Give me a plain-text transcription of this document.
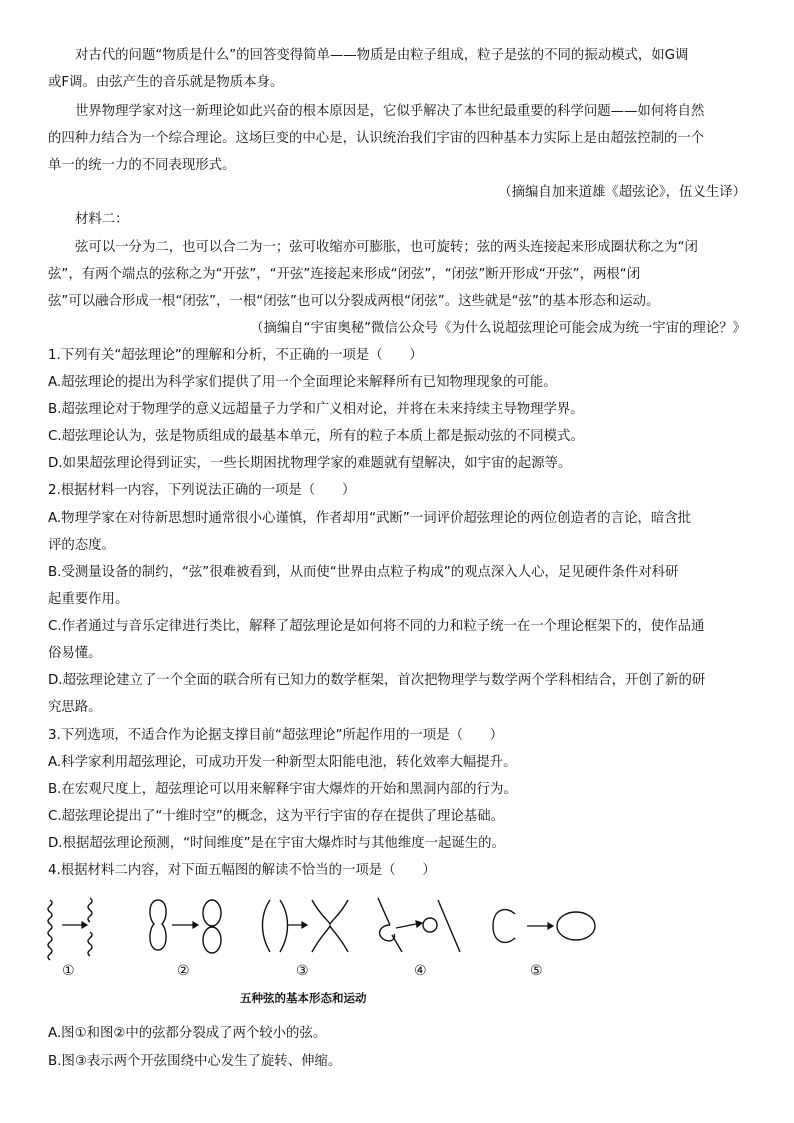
对古代的问题“物质是什么”的回答变得简单——物质是由粒子组成，粒子是弦的不同的振动模式，如G调
或F调。由弦产生的音乐就是物质本身。
世界物理学家对这一新理论如此兴奋的根本原因是，它似乎解决了本世纪最重要的科学问题——如何将自然
的四种力结合为一个综合理论。这场巨变的中心是，认识统治我们宇宙的四种基本力实际上是由超弦控制的一个
单一的统一力的不同表现形式。
（摘编自加来道雄《超弦论》，伍义生译）
材料二：
弦可以一分为二，也可以合二为一；弦可收缩亦可膨胀，也可旋转；弦的两头连接起来形成圈状称之为“闭
弦”，有两个端点的弦称之为“开弦”，“开弦”连接起来形成“闭弦”，“闭弦”断开形成“开弦”，两根“闭
弦”可以融合形成一根“闭弦”，一根“闭弦”也可以分裂成两根“闭弦”。这些就是“弦”的基本形态和运动。
（摘编自“宇宙奥秘”微信公众号《为什么说超弦理论可能会成为统一宇宙的理论？》
1.下列有关“超弦理论”的理解和分析，不正确的一项是（　　）
A.超弦理论的提出为科学家们提供了用一个全面理论来解释所有已知物理现象的可能。
B.超弦理论对于物理学的意义远超量子力学和广义相对论，并将在未来持续主导物理学界。
C.超弦理论认为，弦是物质组成的最基本单元，所有的粒子本质上都是振动弦的不同模式。
D.如果超弦理论得到证实，一些长期困扰物理学家的难题就有望解决，如宇宙的起源等。
2.根据材料一内容，下列说法正确的一项是（　　）
A.物理学家在对待新思想时通常很小心谨慎，作者却用“武断”一词评价超弦理论的两位创造者的言论，暗含批
评的态度。
B.受测量设备的制约，“弦”很难被看到，从而使“世界由点粒子构成”的观点深入人心，足见硬件条件对科研
起重要作用。
C.作者通过与音乐定律进行类比，解释了超弦理论是如何将不同的力和粒子统一在一个理论框架下的，使作品通
俗易懂。
D.超弦理论建立了一个全面的联合所有已知力的数学框架，首次把物理学与数学两个学科相结合，开创了新的研
究思路。
3.下列选项，不适合作为论据支撑目前“超弦理论”所起作用的一项是（　　）
A.科学家利用超弦理论，可成功开发一种新型太阳能电池，转化效率大幅提升。
B.在宏观尺度上，超弦理论可以用来解释宇宙大爆炸的开始和黑洞内部的行为。
C.超弦理论提出了“十维时空”的概念，这为平行宇宙的存在提供了理论基础。
D.根据超弦理论预测，“时间维度”是在宇宙大爆炸时与其他维度一起诞生的。
4.根据材料二内容，对下面五幅图的解读不恰当的一项是（　　）
①	②	③	④	⑤
五种弦的基本形态和运动
A.图①和图②中的弦都分裂成了两个较小的弦。
B.图③表示两个开弦围绕中心发生了旋转、伸缩。
